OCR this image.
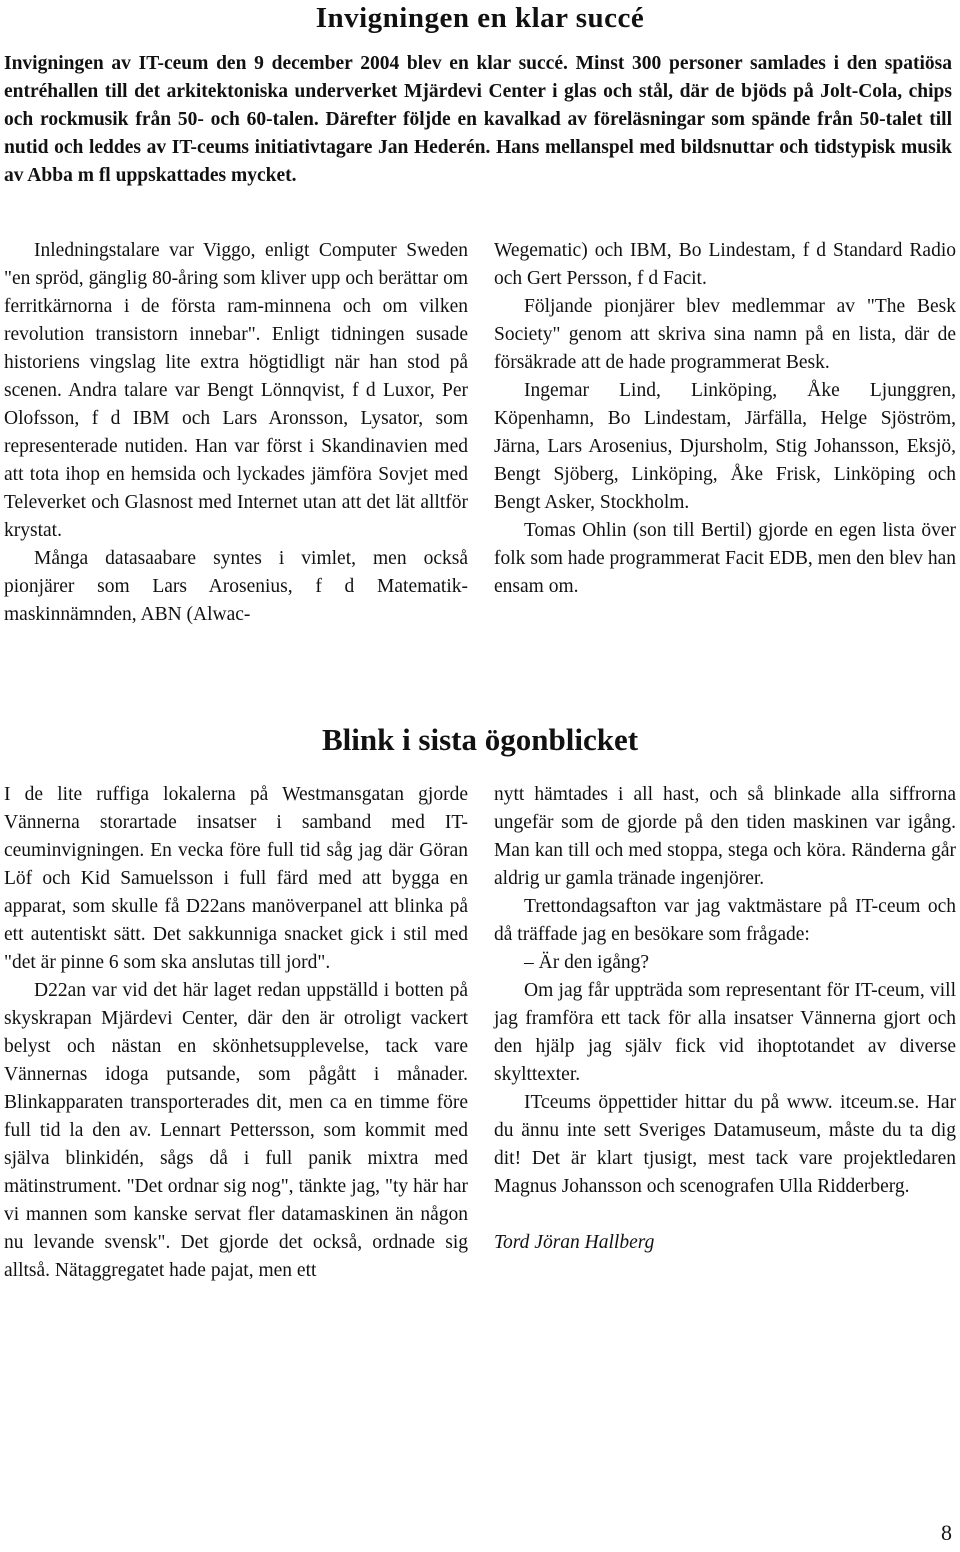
Invigningen en klar succé

Invigningen av IT-ceum den 9 december 2004 blev en klar succé. Minst 300 personer samlades i den spatiösa entréhallen till det arkitektoniska underverket Mjärdevi Center i glas och stål, där de bjöds på Jolt-Cola, chips och rockmusik från 50- och 60-talen. Därefter följde en kavalkad av föreläsningar som spände från 50-talet till nutid och leddes av IT-ceums initiativtagare Jan Hederén. Hans mellanspel med bildsnuttar och tidstypisk musik av Abba m fl uppskattades mycket.

Inledningstalare var Viggo, enligt Computer Sweden "en spröd, gänglig 80-åring som kliver upp och berättar om ferritkärnorna i de första ram-minnena och om vilken revolution transistorn innebar". Enligt tidningen susade historiens vingslag lite extra högtidligt när han stod på scenen. Andra talare var Bengt Lönnqvist, f d Luxor, Per Olofsson, f d IBM och Lars Aronsson, Lysator, som representerade nutiden. Han var först i Skandinavien med att tota ihop en hemsida och lyckades jämföra Sovjet med Televerket och Glasnost med Internet utan att det lät alltför krystat.

Många datasaabare syntes i vimlet, men också pionjärer som Lars Arosenius, f d Matematik-maskinnämnden, ABN (Alwac-

Wegematic) och IBM, Bo Lindestam, f d Standard Radio och Gert Persson, f d Facit.

Följande pionjärer blev medlemmar av "The Besk Society" genom att skriva sina namn på en lista, där de försäkrade att de hade programmerat Besk.

Ingemar Lind, Linköping, Åke Ljunggren, Köpenhamn, Bo Lindestam, Järfälla, Helge Sjöström, Järna, Lars Arosenius, Djursholm, Stig Johansson, Eksjö, Bengt Sjöberg, Linköping, Åke Frisk, Linköping och Bengt Asker, Stockholm.

Tomas Ohlin (son till Bertil) gjorde en egen lista över folk som hade programmerat Facit EDB, men den blev han ensam om.

Blink i sista ögonblicket

I de lite ruffiga lokalerna på Westmansgatan gjorde Vännerna storartade insatser i samband med IT-ceuminvigningen. En vecka före full tid såg jag där Göran Löf och Kid Samuelsson i full färd med att bygga en apparat, som skulle få D22ans manöverpanel att blinka på ett autentiskt sätt. Det sakkunniga snacket gick i stil med "det är pinne 6 som ska anslutas till jord".

D22an var vid det här laget redan uppställd i botten på skyskrapan Mjärdevi Center, där den är otroligt vackert belyst och nästan en skönhetsupplevelse, tack vare Vännernas idoga putsande, som pågått i månader. Blinkapparaten transporterades dit, men ca en timme före full tid la den av. Lennart Pettersson, som kommit med själva blinkidén, sågs då i full panik mixtra med mätinstrument. "Det ordnar sig nog", tänkte jag, "ty här har vi mannen som kanske servat fler datamaskinen än någon nu levande svensk". Det gjorde det också, ordnade sig alltså. Nätaggregatet hade pajat, men ett

nytt hämtades i all hast, och så blinkade alla siffrorna ungefär som de gjorde på den tiden maskinen var igång. Man kan till och med stoppa, stega och köra. Ränderna går aldrig ur gamla tränade ingenjörer.

Trettondagsafton var jag vaktmästare på IT-ceum och då träffade jag en besökare som frågade:

– Är den igång?

Om jag får uppträda som representant för IT-ceum, vill jag framföra ett tack för alla insatser Vännerna gjort och den hjälp jag själv fick vid ihoptotandet av diverse skylttexter.

ITceums öppettider hittar du på www. itceum.se. Har du ännu inte sett Sveriges Datamuseum, måste du ta dig dit! Det är klart tjusigt, mest tack vare projektledaren Magnus Johansson och scenografen Ulla Ridderberg.

Tord Jöran Hallberg

8
